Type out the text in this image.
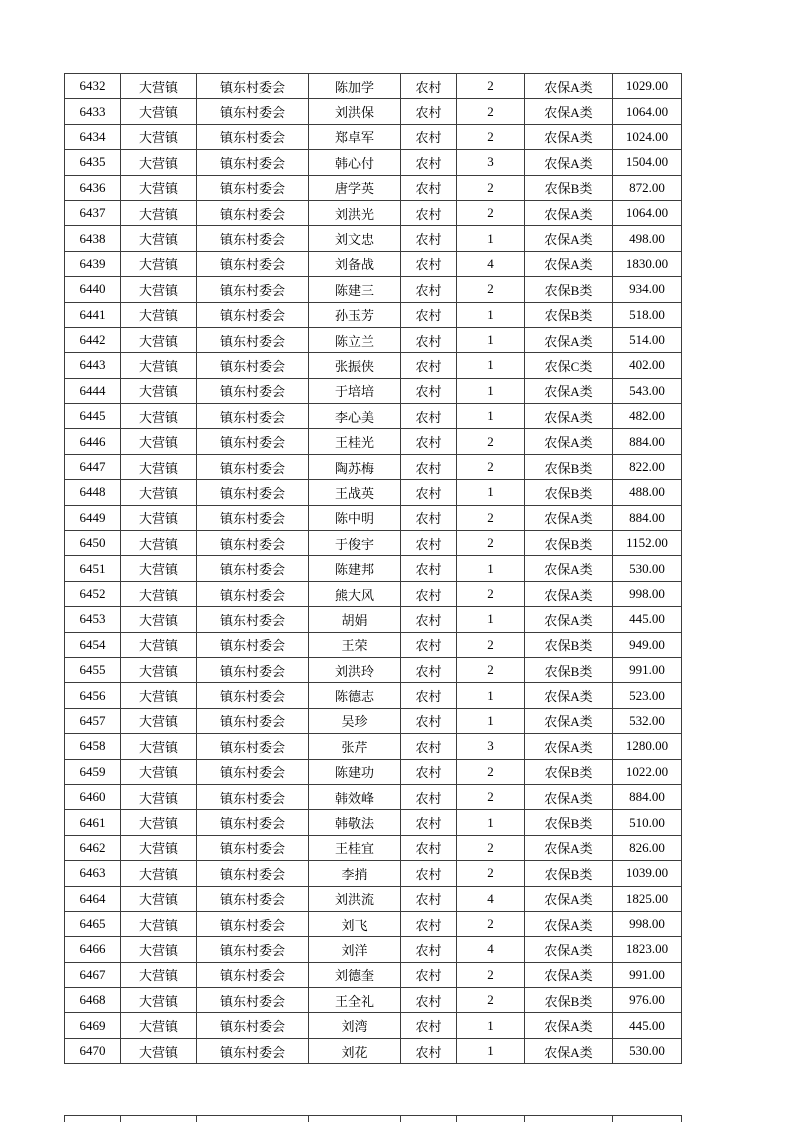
6432	大营镇	镇东村委会	陈加学	农村	2	农保A类	1029.00
6433	大营镇	镇东村委会	刘洪保	农村	2	农保A类	1064.00
6434	大营镇	镇东村委会	郑卓军	农村	2	农保A类	1024.00
6435	大营镇	镇东村委会	韩心付	农村	3	农保A类	1504.00
6436	大营镇	镇东村委会	唐学英	农村	2	农保B类	872.00
6437	大营镇	镇东村委会	刘洪光	农村	2	农保A类	1064.00
6438	大营镇	镇东村委会	刘文忠	农村	1	农保A类	498.00
6439	大营镇	镇东村委会	刘备战	农村	4	农保A类	1830.00
6440	大营镇	镇东村委会	陈建三	农村	2	农保B类	934.00
6441	大营镇	镇东村委会	孙玉芳	农村	1	农保B类	518.00
6442	大营镇	镇东村委会	陈立兰	农村	1	农保A类	514.00
6443	大营镇	镇东村委会	张振侠	农村	1	农保C类	402.00
6444	大营镇	镇东村委会	于培培	农村	1	农保A类	543.00
6445	大营镇	镇东村委会	李心美	农村	1	农保A类	482.00
6446	大营镇	镇东村委会	王桂光	农村	2	农保A类	884.00
6447	大营镇	镇东村委会	陶苏梅	农村	2	农保B类	822.00
6448	大营镇	镇东村委会	王战英	农村	1	农保B类	488.00
6449	大营镇	镇东村委会	陈中明	农村	2	农保A类	884.00
6450	大营镇	镇东村委会	于俊宇	农村	2	农保B类	1152.00
6451	大营镇	镇东村委会	陈建邦	农村	1	农保A类	530.00
6452	大营镇	镇东村委会	熊大风	农村	2	农保A类	998.00
6453	大营镇	镇东村委会	胡娟	农村	1	农保A类	445.00
6454	大营镇	镇东村委会	王荣	农村	2	农保B类	949.00
6455	大营镇	镇东村委会	刘洪玲	农村	2	农保B类	991.00
6456	大营镇	镇东村委会	陈德志	农村	1	农保A类	523.00
6457	大营镇	镇东村委会	吴珍	农村	1	农保A类	532.00
6458	大营镇	镇东村委会	张芹	农村	3	农保A类	1280.00
6459	大营镇	镇东村委会	陈建功	农村	2	农保B类	1022.00
6460	大营镇	镇东村委会	韩效峰	农村	2	农保A类	884.00
6461	大营镇	镇东村委会	韩敬法	农村	1	农保B类	510.00
6462	大营镇	镇东村委会	王桂宜	农村	2	农保A类	826.00
6463	大营镇	镇东村委会	李捎	农村	2	农保B类	1039.00
6464	大营镇	镇东村委会	刘洪流	农村	4	农保A类	1825.00
6465	大营镇	镇东村委会	刘飞	农村	2	农保A类	998.00
6466	大营镇	镇东村委会	刘洋	农村	4	农保A类	1823.00
6467	大营镇	镇东村委会	刘德奎	农村	2	农保A类	991.00
6468	大营镇	镇东村委会	王全礼	农村	2	农保B类	976.00
6469	大营镇	镇东村委会	刘湾	农村	1	农保A类	445.00
6470	大营镇	镇东村委会	刘花	农村	1	农保A类	530.00
